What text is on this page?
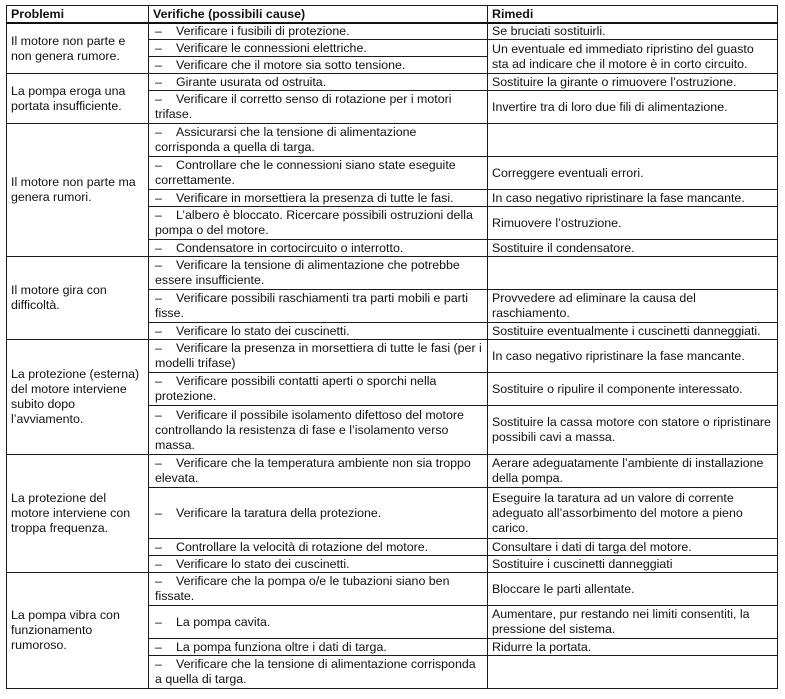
Problemi	Verifiche (possibili cause)	Rimedi
Il motore non parte e non genera rumore.	– Verificare i fusibili di protezione.	Se bruciati sostituirli.
	– Verificare le connessioni elettriche.	Un eventuale ed immediato ripristino del guasto sta ad indicare che il motore è in corto circuito.
	– Verificare che il motore sia sotto tensione.	
La pompa eroga una portata insufficiente.	– Girante usurata od ostruita.	Sostituire la girante o rimuovere l’ostruzione.
	– Verificare il corretto senso di rotazione per i motori trifase.	Invertire tra di loro due fili di alimentazione.
Il motore non parte ma genera rumori.	– Assicurarsi che la tensione di alimentazione corrisponda a quella di targa.	
	– Controllare che le connessioni siano state eseguite correttamente.	Correggere eventuali errori.
	– Verificare in morsettiera la presenza di tutte le fasi.	In caso negativo ripristinare la fase mancante.
	– L’albero è bloccato. Ricercare possibili ostruzioni della pompa o del motore.	Rimuovere l’ostruzione.
	– Condensatore in cortocircuito o interrotto.	Sostituire il condensatore.
Il motore gira con difficoltà.	– Verificare la tensione di alimentazione che potrebbe essere insufficiente.	
	– Verificare possibili raschiamenti tra parti mobili e parti fisse.	Provvedere ad eliminare la causa del raschiamento.
	– Verificare lo stato dei cuscinetti.	Sostituire eventualmente i cuscinetti danneggiati.
La protezione (esterna) del motore interviene subito dopo l’avviamento.	– Verificare la presenza in morsettiera di tutte le fasi (per i modelli trifase)	In caso negativo ripristinare la fase mancante.
	– Verificare possibili contatti aperti o sporchi nella protezione.	Sostituire o ripulire il componente interessato.
	– Verificare il possibile isolamento difettoso del motore controllando la resistenza di fase e l’isolamento verso massa.	Sostituire la cassa motore con statore o ripristinare possibili cavi a massa.
La protezione del motore interviene con troppa frequenza.	– Verificare che la temperatura ambiente non sia troppo elevata.	Aerare adeguatamente l’ambiente di installazione della pompa.
	– Verificare la taratura della protezione.	Eseguire la taratura ad un valore di corrente adeguato all’assorbimento del motore a pieno carico.
	– Controllare la velocità di rotazione del motore.	Consultare i dati di targa del motore.
	– Verificare lo stato dei cuscinetti.	Sostituire i cuscinetti danneggiati
La pompa vibra con funzionamento rumoroso.	– Verificare che la pompa o/e le tubazioni siano ben fissate.	Bloccare le parti allentate.
	– La pompa cavita.	Aumentare, pur restando nei limiti consentiti, la pressione del sistema.
	– La pompa funziona oltre i dati di targa.	Ridurre la portata.
	– Verificare che la tensione di alimentazione corrisponda a quella di targa.	
